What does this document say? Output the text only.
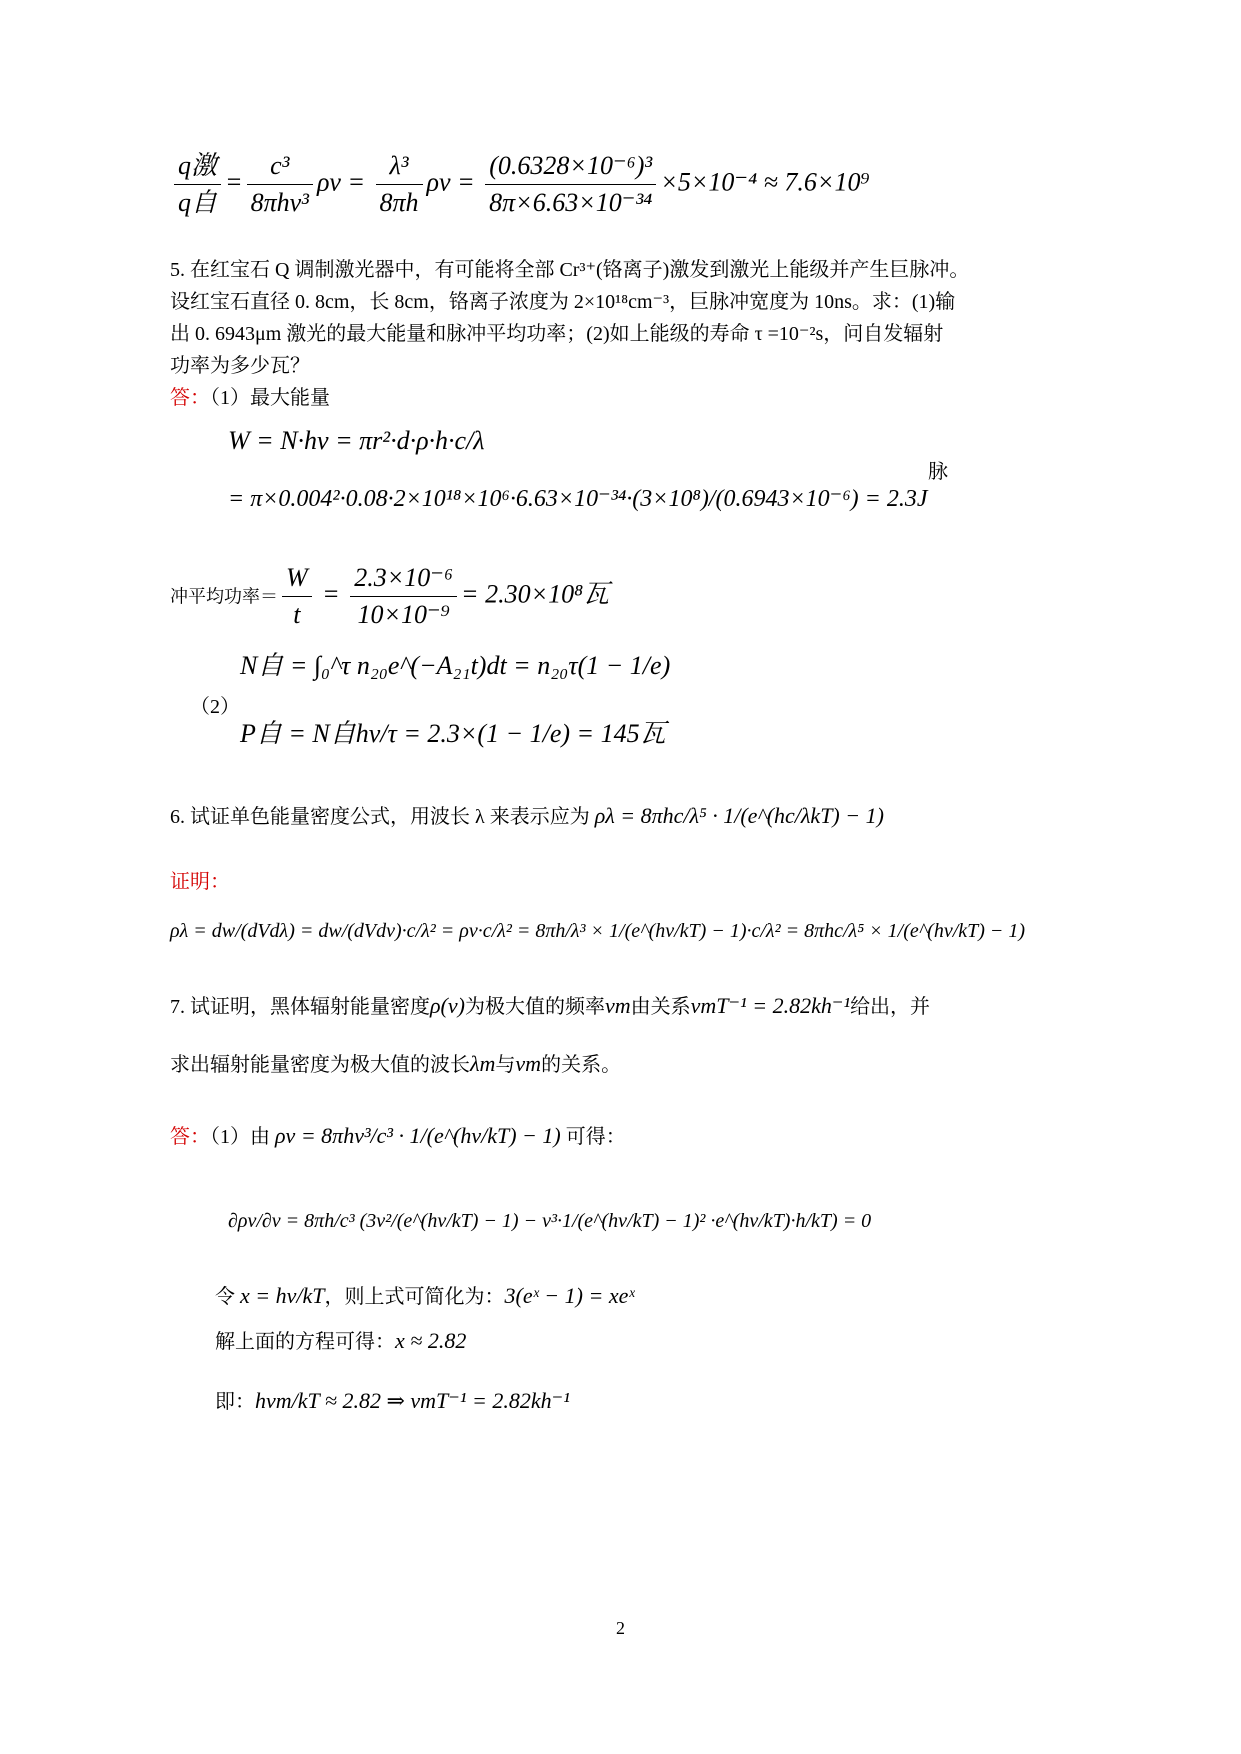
$\frac{\text{q激}}{\text{q自}} = \frac{\text{c³}}{\text{8πhν³}}$ $\rho\nu = \frac{\text{λ³}}{8\pi h}$ $\rho\nu = \frac{\text{(0.6328×10⁻⁶)³}}{\text{8π×6.63×10⁻³⁴}} \times 5\times 10^{-4} \approx 7.6\times 10^9$
5. 在红宝石 Q 调制激光器中，有可能将全部 Cr³⁺(铬离子)激发到激光上能级并产生巨脉冲。
设红宝石直径 0. 8cm，长 8cm，铬离子浓度为 2×10¹⁸cm⁻³，巨脉冲宽度为 10ns。求：(1)输
出 0. 6943μm 激光的最大能量和脉冲平均功率；(2)如上能级的寿命 τ =10⁻²s，问自发辐射
功率为多少瓦？
答：（1）最大能量
W = N·hν = πr²·d·ρ·h·c/λ
= π×0.004²·0.08·2×10¹⁸×10⁶·6.63×10⁻³⁴·(3×10⁸)/(0.6943×10⁻⁶) = 2.3J
脉
冲平均功率＝ $\frac{W}{t} = \frac{\text{2.3×10⁻⁶}}{\text{10×10⁻⁹}} = 2.30\times 10^8$瓦
（2）
N自 = ∫₀^τ n₂₀e^(−A₂₁t)dt = n₂₀τ(1 − 1/e)
P自 = N自hν/τ = 2.3×(1 − 1/e) = 145瓦
6. 试证单色能量密度公式，用波长 λ 来表示应为 ρλ = 8πhc/λ⁵ · 1/(e^(hc/λkT) − 1)
证明：
ρλ = dw/(dVdλ) = dw/(dVdν)·c/λ² = ρν·c/λ² = 8πh/λ³ × 1/(e^(hν/kT) − 1)·c/λ² = 8πhc/λ⁵ × 1/(e^(hν/kT) − 1)
7. 试证明，黑体辐射能量密度ρ(ν)为极大值的频率νm由关系νmT⁻¹ = 2.82kh⁻¹给出，并
求出辐射能量密度为极大值的波长λm与νm的关系。
答：（1）由 ρν = 8πhν³/c³ · 1/(e^(hν/kT) − 1) 可得：
∂ρν/∂ν = 8πh/c³ (3ν²/(e^(hν/kT) − 1) − ν³·1/(e^(hν/kT) − 1)² ·e^(hν/kT)·h/kT) = 0
令 x = hν/kT，则上式可简化为：3(eˣ − 1) = xeˣ
解上面的方程可得：x ≈ 2.82
即：hνm/kT ≈ 2.82 ⇒ νmT⁻¹ = 2.82kh⁻¹
2
